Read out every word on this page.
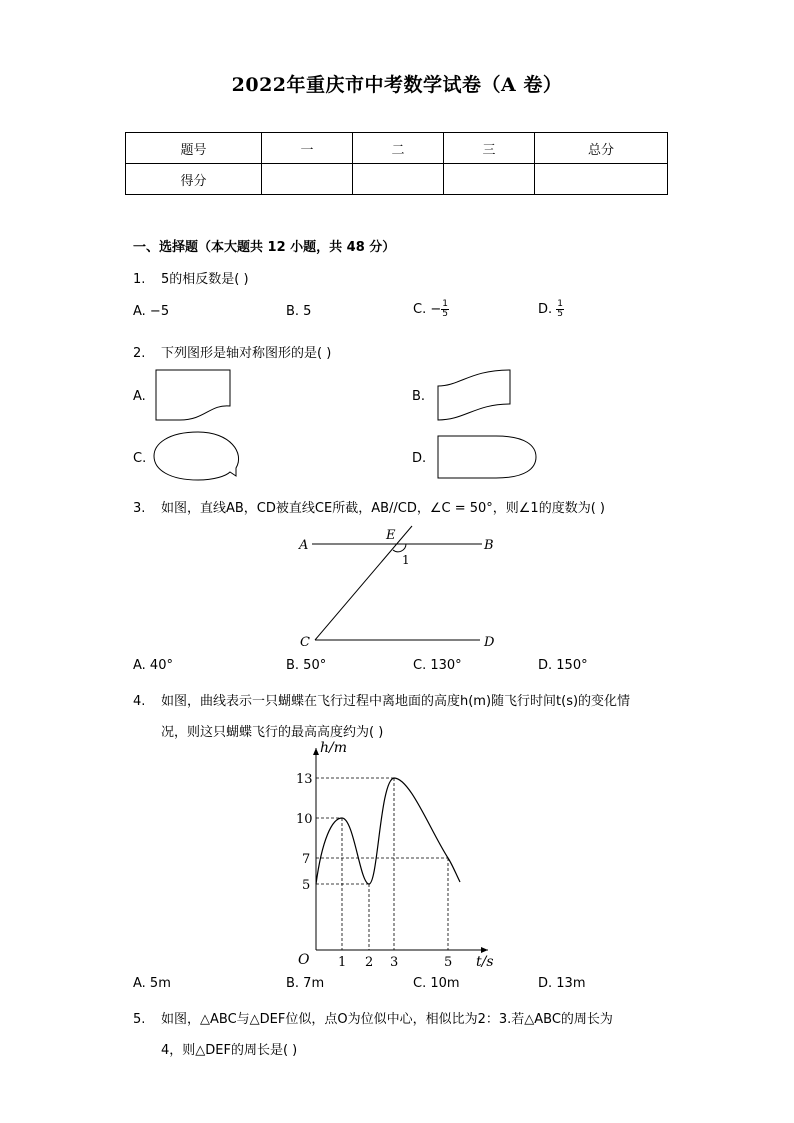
2022年重庆市中考数学试卷（A 卷）
题号	一	二	三	总分
得分				
一、选择题（本大题共 12 小题，共 48 分）
1. 5的相反数是( )
A. −5	B. 5	C. − $\frac{1}{5}$	D. $\frac{1}{5}$
2. 下列图形是轴对称图形的是( )
A.	B.
C.	D.
3. 如图，直线AB，CD被直线CE所截，AB//CD，∠C = 50°，则∠1的度数为( )
A	B
C	D
E
1
A. 40°	B. 50°	C. 130°	D. 150°
4. 如图，曲线表示一只蝴蝶在飞行过程中离地面的高度h(m)随飞行时间t(s)的变化情
况，则这只蝴蝶飞行的最高高度约为( )
h/m
t/s
O
13
10
7
5
1 2 3	5
A. 5m	B. 7m	C. 10m	D. 13m
5. 如图，△ABC与△DEF位似，点O为位似中心，相似比为2：3.若△ABC的周长为
4，则△DEF的周长是( )
